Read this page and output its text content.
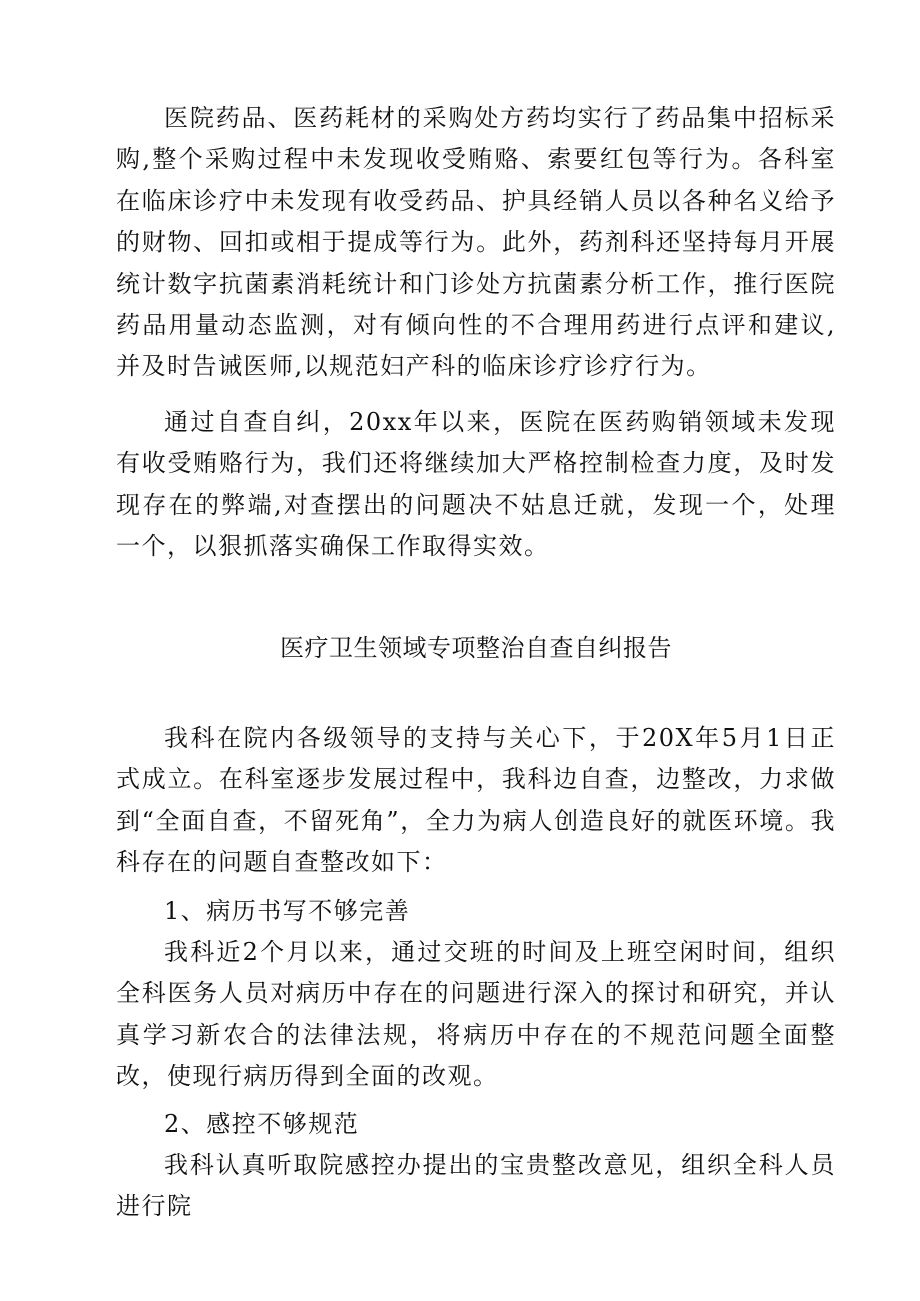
医院药品、医药耗材的采购处方药均实行了药品集中招标采购,整个采购过程中未发现收受贿赂、索要红包等行为。各科室在临床诊疗中未发现有收受药品、护具经销人员以各种名义给予的财物、回扣或相于提成等行为。此外，药剂科还坚持每月开展统计数字抗菌素消耗统计和门诊处方抗菌素分析工作，推行医院药品用量动态监测，对有倾向性的不合理用药进行点评和建议,并及时告诫医师,以规范妇产科的临床诊疗诊疗行为。

通过自查自纠，20xx年以来，医院在医药购销领域未发现有收受贿赂行为，我们还将继续加大严格控制检查力度，及时发现存在的弊端,对查摆出的问题决不姑息迁就，发现一个，处理一个，以狠抓落实确保工作取得实效。

医疗卫生领域专项整治自查自纠报告

我科在院内各级领导的支持与关心下，于20X年5月1日正式成立。在科室逐步发展过程中，我科边自查，边整改，力求做到“全面自查，不留死角”，全力为病人创造良好的就医环境。我科存在的问题自查整改如下：

1、病历书写不够完善

我科近2个月以来，通过交班的时间及上班空闲时间，组织全科医务人员对病历中存在的问题进行深入的探讨和研究，并认真学习新农合的法律法规，将病历中存在的不规范问题全面整改，使现行病历得到全面的改观。

2、感控不够规范

我科认真听取院感控办提出的宝贵整改意见，组织全科人员进行院
